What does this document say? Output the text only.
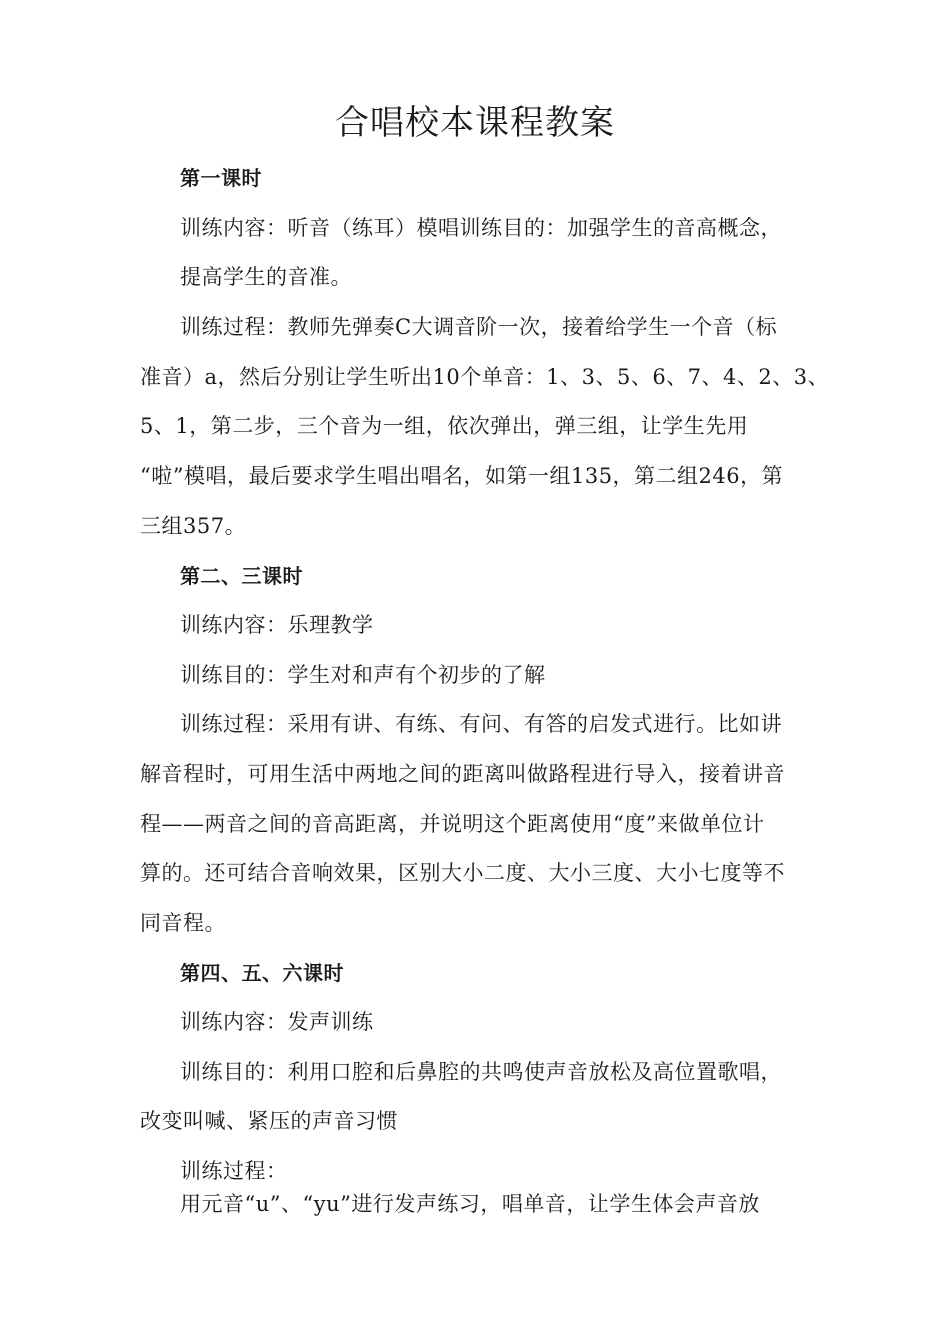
合唱校本课程教案
第一课时
训练内容：听音（练耳）模唱训练目的：加强学生的音高概念，
提高学生的音准。
训练过程：教师先弹奏C大调音阶一次，接着给学生一个音（标
准音）a，然后分别让学生听出10个单音：1、3、5、6、7、4、2、3、
5、1，第二步，三个音为一组，依次弹出，弹三组，让学生先用
“啦”模唱，最后要求学生唱出唱名，如第一组135，第二组246，第
三组357。
第二、三课时
训练内容：乐理教学
训练目的：学生对和声有个初步的了解
训练过程：采用有讲、有练、有问、有答的启发式进行。比如讲
解音程时，可用生活中两地之间的距离叫做路程进行导入，接着讲音
程——两音之间的音高距离，并说明这个距离使用“度”来做单位计
算的。还可结合音响效果，区别大小二度、大小三度、大小七度等不
同音程。
第四、五、六课时
训练内容：发声训练
训练目的：利用口腔和后鼻腔的共鸣使声音放松及高位置歌唱，
改变叫喊、紧压的声音习惯
训练过程：
用元音“u”、“yu”进行发声练习，唱单音，让学生体会声音放
